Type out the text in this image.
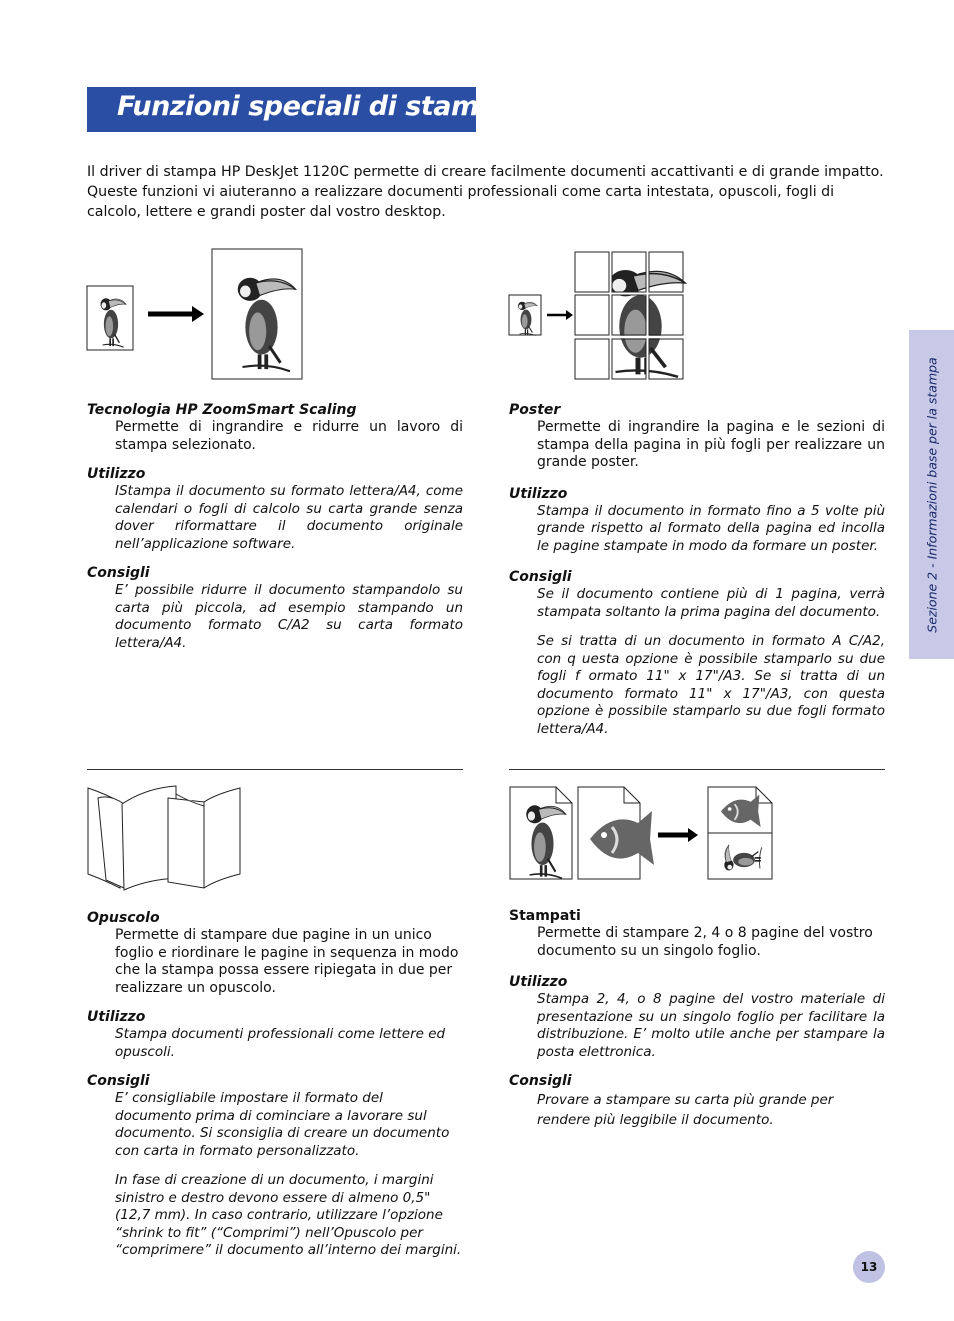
Funzioni speciali di stampa
Il driver di stampa HP DeskJet 1120C permette di creare facilmente documenti accattivanti e di grande impatto. Queste funzioni vi aiuteranno a realizzare documenti professionali come carta intestata, opuscoli, fogli di calcolo, lettere e grandi poster dal vostro desktop.
Sezione 2 - Informazioni base per la stampa

Tecnologia HP ZoomSmart Scaling

Permette di ingrandire e ridurre un lavoro di stampa selezionato.

Utilizzo

IStampa il documento su formato lettera/A4, come calendari o fogli di calcolo su carta grande senza dover riformattare il documento originale nell’applicazione software.

Consigli

E’ possibile ridurre il documento stampandolo su carta più piccola, ad esempio stampando un documento formato C/A2 su carta formato lettera/A4.

Poster

Permette di ingrandire la pagina e le sezioni di stampa della pagina in più fogli per realizzare un grande poster.

Utilizzo

Stampa il documento in formato fino a 5 volte più grande rispetto al formato della pagina ed incolla le pagine stampate in modo da formare un poster.

Consigli

Se il documento contiene più di 1 pagina, verrà stampata soltanto la prima pagina del documento.

Se si tratta di un documento in formato A C/A2, con q uesta opzione è possibile stamparlo su due fogli f ormato 11" x 17"/A3. Se si tratta di un documento formato 11" x 17"/A3, con questa opzione è possibile stamparlo su due fogli formato lettera/A4.

Opuscolo

Permette di stampare due pagine in un unico foglio e riordinare le pagine in sequenza in modo che la stampa possa essere ripiegata in due per realizzare un opuscolo.

Utilizzo

Stampa documenti professionali come lettere ed opuscoli.

Consigli

E’ consigliabile impostare il formato del documento prima di cominciare a lavorare sul documento. Si sconsiglia di creare un documento con carta in formato personalizzato.

In fase di creazione di un documento, i margini sinistro e destro devono essere di almeno 0,5" (12,7 mm). In caso contrario, utilizzare l’opzione “shrink to fit” (“Comprimi”) nell’Opuscolo per “comprimere” il documento all’interno dei margini.

Stampati

Permette di stampare 2, 4 o 8 pagine del vostro documento su un singolo foglio.

Utilizzo

Stampa 2, 4, o 8 pagine del vostro materiale di presentazione su un singolo foglio per facilitare la distribuzione. E’ molto utile anche per stampare la posta elettronica.

Consigli

Provare a stampare su carta più grande per rendere più leggibile il documento.

13
